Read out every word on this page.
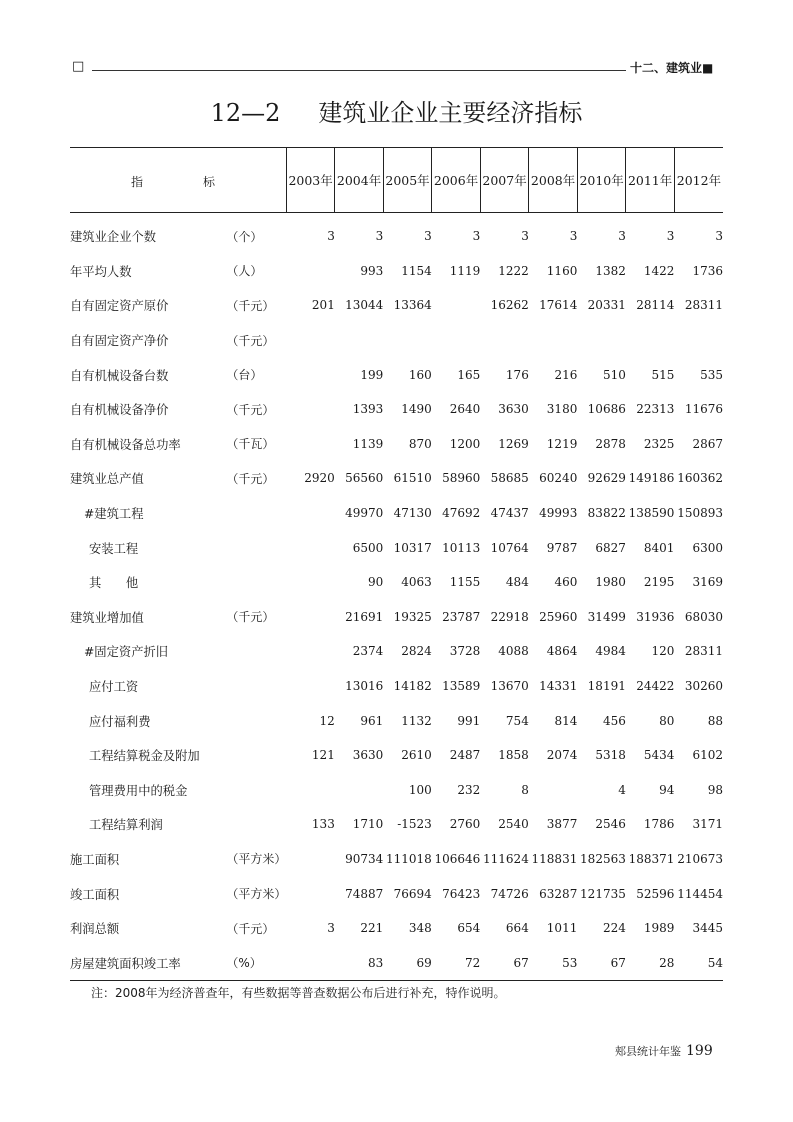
□	十二、建筑业■
12—2 建筑业企业主要经济指标
指 标		2003年	2004年	2005年	2006年	2007年	2008年	2010年	2011年	2012年
建筑业企业个数	（个）	3	3	3	3	3	3	3	3	3
年平均人数	（人）		993	1154	1119	1222	1160	1382	1422	1736
自有固定资产原价	（千元）	201	13044	13364		16262	17614	20331	28114	28311
自有固定资产净价	（千元）									
自有机械设备台数	（台）		199	160	165	176	216	510	515	535
自有机械设备净价	（千元）		1393	1490	2640	3630	3180	10686	22313	11676
自有机械设备总功率	（千瓦）		1139	870	1200	1269	1219	2878	2325	2867
建筑业总产值	（千元）	2920	56560	61510	58960	58685	60240	92629	149186	160362
#建筑工程			49970	47130	47692	47437	49993	83822	138590	150893
安装工程			6500	10317	10113	10764	9787	6827	8401	6300
其　　他			90	4063	1155	484	460	1980	2195	3169
建筑业增加值	（千元）		21691	19325	23787	22918	25960	31499	31936	68030
#固定资产折旧			2374	2824	3728	4088	4864	4984	120	28311
应付工资			13016	14182	13589	13670	14331	18191	24422	30260
应付福利费		12	961	1132	991	754	814	456	80	88
工程结算税金及附加		121	3630	2610	2487	1858	2074	5318	5434	6102
管理费用中的税金				100	232	8		4	94	98
工程结算利润		133	1710	-1523	2760	2540	3877	2546	1786	3171
施工面积	（平方米）		90734	111018	106646	111624	118831	182563	188371	210673
竣工面积	（平方米）		74887	76694	76423	74726	63287	121735	52596	114454
利润总额	（千元）	3	221	348	654	664	1011	224	1989	3445
房屋建筑面积竣工率	（%）		83	69	72	67	53	67	28	54
注：2008年为经济普查年，有些数据等普查数据公布后进行补充，特作说明。
郏县统计年鉴 199
